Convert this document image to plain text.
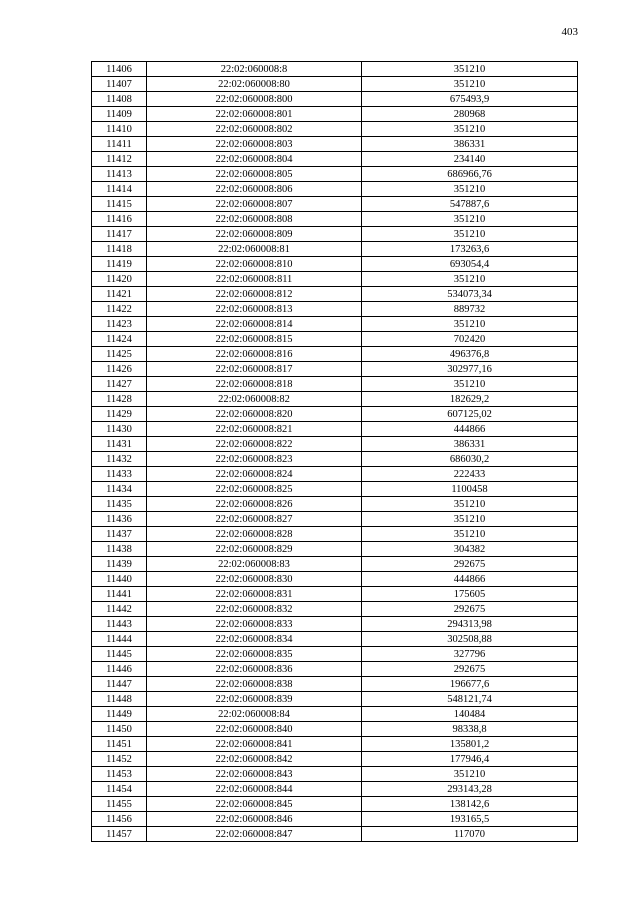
403
11406	22:02:060008:8	351210
11407	22:02:060008:80	351210
11408	22:02:060008:800	675493,9
11409	22:02:060008:801	280968
11410	22:02:060008:802	351210
11411	22:02:060008:803	386331
11412	22:02:060008:804	234140
11413	22:02:060008:805	686966,76
11414	22:02:060008:806	351210
11415	22:02:060008:807	547887,6
11416	22:02:060008:808	351210
11417	22:02:060008:809	351210
11418	22:02:060008:81	173263,6
11419	22:02:060008:810	693054,4
11420	22:02:060008:811	351210
11421	22:02:060008:812	534073,34
11422	22:02:060008:813	889732
11423	22:02:060008:814	351210
11424	22:02:060008:815	702420
11425	22:02:060008:816	496376,8
11426	22:02:060008:817	302977,16
11427	22:02:060008:818	351210
11428	22:02:060008:82	182629,2
11429	22:02:060008:820	607125,02
11430	22:02:060008:821	444866
11431	22:02:060008:822	386331
11432	22:02:060008:823	686030,2
11433	22:02:060008:824	222433
11434	22:02:060008:825	1100458
11435	22:02:060008:826	351210
11436	22:02:060008:827	351210
11437	22:02:060008:828	351210
11438	22:02:060008:829	304382
11439	22:02:060008:83	292675
11440	22:02:060008:830	444866
11441	22:02:060008:831	175605
11442	22:02:060008:832	292675
11443	22:02:060008:833	294313,98
11444	22:02:060008:834	302508,88
11445	22:02:060008:835	327796
11446	22:02:060008:836	292675
11447	22:02:060008:838	196677,6
11448	22:02:060008:839	548121,74
11449	22:02:060008:84	140484
11450	22:02:060008:840	98338,8
11451	22:02:060008:841	135801,2
11452	22:02:060008:842	177946,4
11453	22:02:060008:843	351210
11454	22:02:060008:844	293143,28
11455	22:02:060008:845	138142,6
11456	22:02:060008:846	193165,5
11457	22:02:060008:847	117070
